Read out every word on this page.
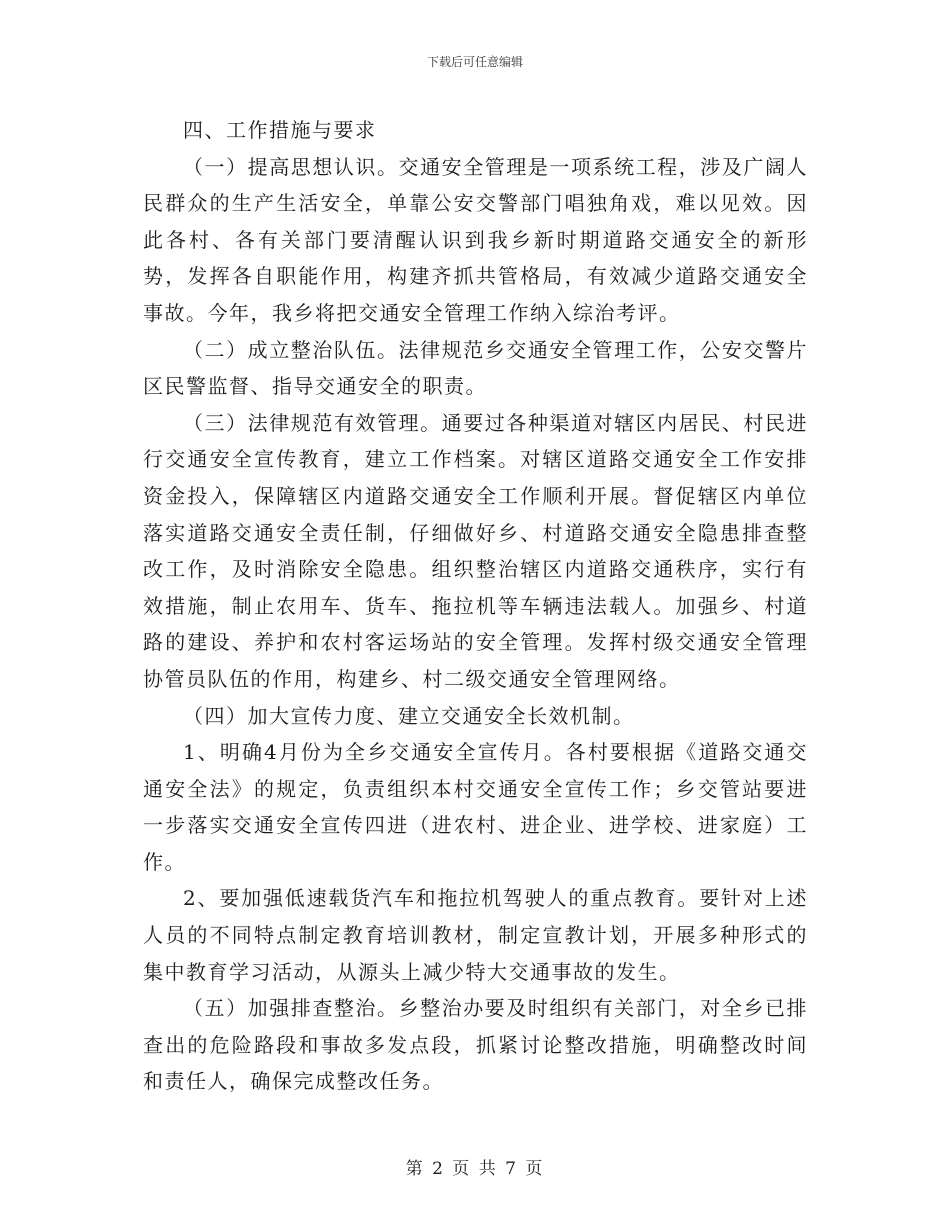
下载后可任意编辑

四、工作措施与要求

（一）提高思想认识。交通安全管理是一项系统工程，涉及广阔人民群众的生产生活安全，单靠公安交警部门唱独角戏，难以见效。因此各村、各有关部门要清醒认识到我乡新时期道路交通安全的新形势，发挥各自职能作用，构建齐抓共管格局，有效减少道路交通安全事故。今年，我乡将把交通安全管理工作纳入综治考评。

（二）成立整治队伍。法律规范乡交通安全管理工作，公安交警片区民警监督、指导交通安全的职责。

（三）法律规范有效管理。通要过各种渠道对辖区内居民、村民进行交通安全宣传教育，建立工作档案。对辖区道路交通安全工作安排资金投入，保障辖区内道路交通安全工作顺利开展。督促辖区内单位落实道路交通安全责任制，仔细做好乡、村道路交通安全隐患排查整改工作，及时消除安全隐患。组织整治辖区内道路交通秩序，实行有效措施，制止农用车、货车、拖拉机等车辆违法载人。加强乡、村道路的建设、养护和农村客运场站的安全管理。发挥村级交通安全管理协管员队伍的作用，构建乡、村二级交通安全管理网络。

（四）加大宣传力度、建立交通安全长效机制。

1、明确4月份为全乡交通安全宣传月。各村要根据《道路交通交通安全法》的规定，负责组织本村交通安全宣传工作；乡交管站要进一步落实交通安全宣传四进（进农村、进企业、进学校、进家庭）工作。

2、要加强低速载货汽车和拖拉机驾驶人的重点教育。要针对上述人员的不同特点制定教育培训教材，制定宣教计划，开展多种形式的集中教育学习活动，从源头上减少特大交通事故的发生。

（五）加强排查整治。乡整治办要及时组织有关部门，对全乡已排查出的危险路段和事故多发点段，抓紧讨论整改措施，明确整改时间和责任人，确保完成整改任务。

第 2 页 共 7 页
